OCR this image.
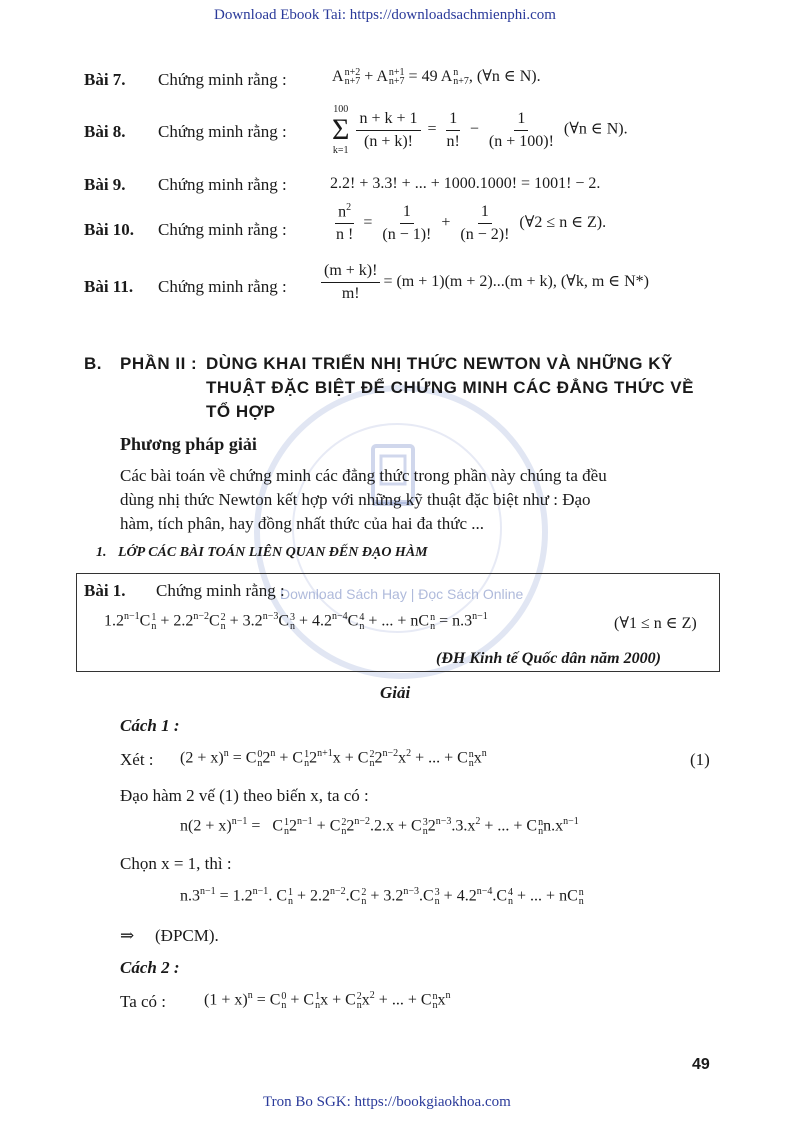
Download Sách Hay | Đọc Sách Online
Download Ebook Tai: https://downloadsachmienphi.com
Bài 7. Chứng minh rằng :	A n+2
n+7 + A n+1
n+7 = 49 A n
n+7 , (∀n ∈ N).
Bài 8. Chứng minh rằng :
100
Σ
$k=1 \frac{n + k + 1}{(n + k)!} = \frac{1}{n!} - \frac{1}{(n + 100)!}$ (∀n ∈ N).
Bài 9. Chứng minh rằng :	2.2! + 3.3! + ... + 1000.1000! = 1001! − 2.
Bài 10. Chứng minh rằng :	$\frac{n^2}{n !} = \frac{1}{(n - 1)!} + \frac{1}{(n - 2)!}$ (∀2 ≤ n ∈ Z).
Bài 11. Chứng minh rằng : $\frac{(m + k)!}{m!} = (m + 1)(m + 2)...(m + k)$, (∀k, m ∈ N*)
B. PHẦN II : DÙNG KHAI TRIỂN NHỊ THỨC NEWTON VÀ NHỮNG KỸ
THUẬT ĐẶC BIỆT ĐỂ CHỨNG MINH CÁC ĐẲNG THỨC VỀ
TỔ HỢP
Phương pháp giải
Các bài toán về chứng minh các đẳng thức trong phần này chúng ta đều
dùng nhị thức Newton kết hợp với những kỹ thuật đặc biệt như : Đạo
hàm, tích phân, hay đồng nhất thức của hai đa thức ...
1. LỚP CÁC BÀI TOÁN LIÊN QUAN ĐẾN ĐẠO HÀM
Bài 1. Chứng minh rằng :
$1.2^{n-1}C$ 1
$n + 2.2^{n-2}C$ 2
$n + 3.2^{n-3}C$ 3
$n + 4.2^{n-4}C$ 4
n + ... + nC n
$n = n.3^{n-1}$	(∀1 ≤ n ∈ Z)
(ĐH Kinh tế Quốc dân năm 2000)
Giải
Cách 1 :
Xét : $(2 + x)^n = C$ 0
n $2^n + C$ 1
n $2^{n+1}x + C$ 2
n $2^{n-2}x^2$ + ... + C n
n $x^n$	(1)
Đạo hàm 2 vế (1) theo biến x, ta có :
$n(2 + x)^{n-1} = C$ 1
n $2^{n-1} + C$ 2
n $2^{n-2}.2.x + C$ 3
n $2^{n-3}.3.x^2$ + ... + C n
n $n.x^{n-1}$
Chọn x = 1, thì :
$n.3^{n-1} = 1.2^{n-1}$. C 1
$n + 2.2^{n-2}.C$ 2
$n + 3.2^{n-3}.C$ 3
$n + 4.2^{n-4}.C$ 4
n + ... + nC n
n
⇒ (ĐPCM).
Cách 2 :
Ta có : $(1 + x)^n = C$ 0
n + C 1
n x + C 2
n $x^2$ + ... + C n
n $x^n$
49
Tron Bo SGK: https://bookgiaokhoa.com
